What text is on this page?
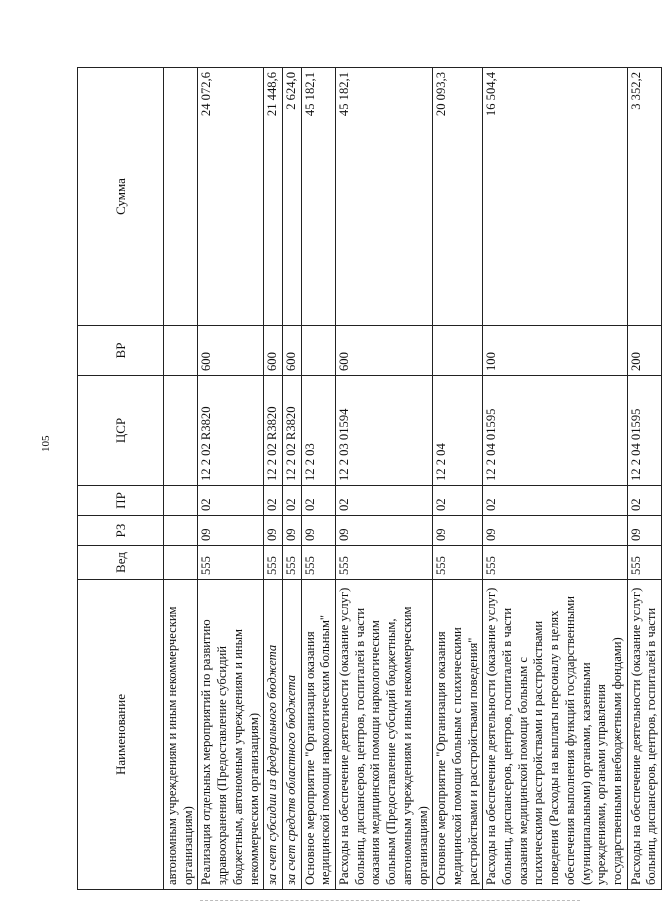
105
Наименование	Вед	РЗ	ПР	ЦСР	ВР	Сумма
автономным учреждениям и иным некоммерческим организациям)						
Реализация отдельных мероприятий по развитию здравоохранения (Предоставление субсидий бюджетным, автономным учреждениям и иным некоммерческим организациям)	555	09	02	12 2 02 R3820	600	24 072,6
за счет субсидии из федерального бюджета	555	09	02	12 2 02 R3820	600	21 448,6
за счет средств областного бюджета	555	09	02	12 2 02 R3820	600	2 624,0
Основное мероприятие "Организация оказания медицинской помощи наркологическим больным"	555	09	02	12 2 03		45 182,1
Расходы на обеспечение деятельности (оказание услуг) больниц, диспансеров, центров, госпиталей в части оказания медицинской помощи наркологическим больным (Предоставление субсидий бюджетным, автономным учреждениям и иным некоммерческим организациям)	555	09	02	12 2 03 01594	600	45 182,1
Основное мероприятие "Организация оказания медицинской помощи больным с психическими расстройствами и расстройствами поведения"	555	09	02	12 2 04		20 093,3
Расходы на обеспечение деятельности (оказание услуг) больниц, диспансеров, центров, госпиталей в части оказания медицинской помощи больным с психическими расстройствами и расстройствами поведения (Расходы на выплаты персоналу в целях обеспечения выполнения функций государственными (муниципальными) органами, казенными учреждениями, органами управления государственными внебюджетными фондами)	555	09	02	12 2 04 01595	100	16 504,4
Расходы на обеспечение деятельности (оказание услуг) больниц, диспансеров, центров, госпиталей в части	555	09	02	12 2 04 01595	200	3 352,2
